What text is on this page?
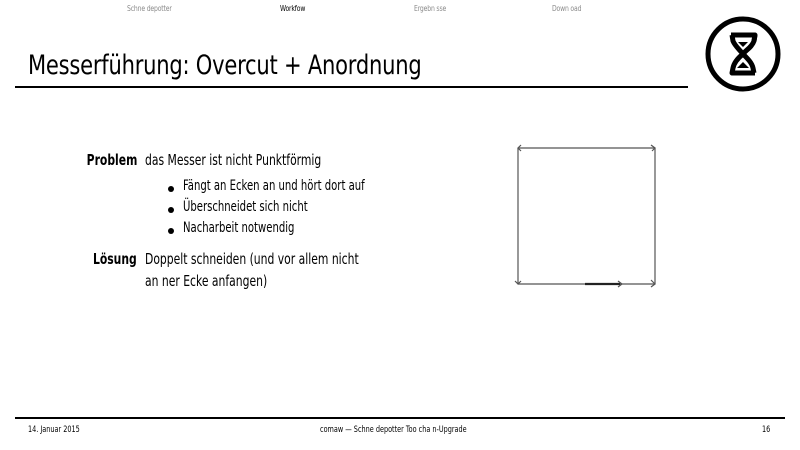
Schne depotter	Workfow	Ergebn sse	Down oad
Messerführung: Overcut + Anordnung
Problem das Messer ist nicht Punktförmig
Fängt an Ecken an und hört dort auf
Überschneidet sich nicht
Nacharbeit notwendig
Lösung Doppelt schneiden (und vor allem nicht
an ner Ecke anfangen)
14. Januar 2015	comaw — Schne depotter Too cha n-Upgrade	16
